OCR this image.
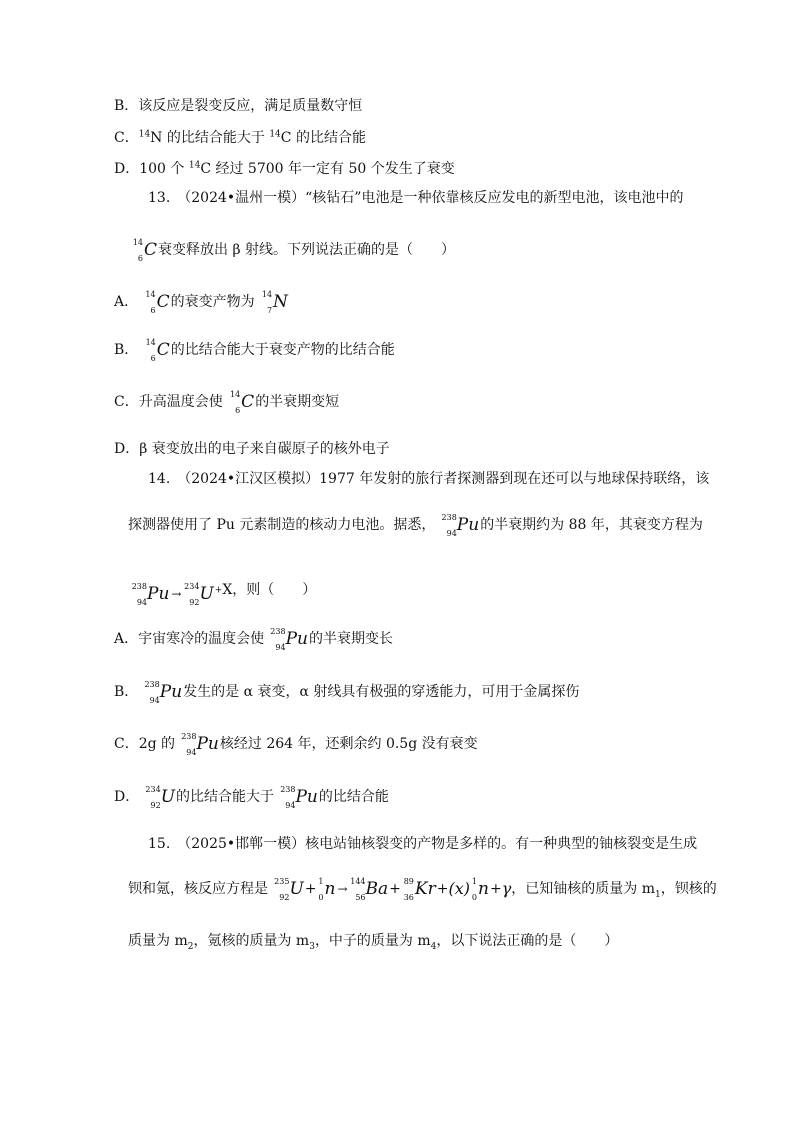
B．该反应是裂变反应，满足质量数守恒
C．$^{14}$N 的比结合能大于 $^{14}$C 的比结合能
D．100 个 $^{14}$C 经过 5700 年一定有 50 个发生了衰变
13.　（2024•温州一模）“核钻石”电池是一种依靠核反应发电的新型电池，该电池中的
14
6 C衰变释放出 β 射线。下列说法正确的是（　　）
A． 14
6 C的衰变产物为 14
7 N
B． 14
6 C的比结合能大于衰变产物的比结合能
C．升高温度会使 14
6 C的半衰期变短
D．β 衰变放出的电子来自碳原子的核外电子
14.　（2024•江汉区模拟）1977 年发射的旅行者探测器到现在还可以与地球保持联络，该
探测器使用了 Pu 元素制造的核动力电池。据悉， 238
94 Pu的半衰期约为 88 年，其衰变方程为
238
94 Pu →
234
92 U+X，则（　　）
A．宇宙寒冷的温度会使 238
94 Pu的半衰期变长
B． 238
94 Pu发生的是 α 衰变，α 射线具有极强的穿透能力，可用于金属探伤
C．2g 的 238
94 Pu核经过 264 年，还剩余约 0.5g 没有衰变
D． 234
92 U的比结合能大于 238
94 Pu的比结合能
15.　（2025•邯郸一模）核电站铀核裂变的产物是多样的。有一种典型的铀核裂变是生成
钡和氪，核反应方程是 235
92 U+ 1
0 n →
144
56 Ba+ 89
36 Kr+(x) 1
0 n+γ，已知铀核的质量为 $m_1$，钡核的
质量为 $m_2$，氪核的质量为 $m_3$，中子的质量为 $m_4$，以下说法正确的是（　　）
